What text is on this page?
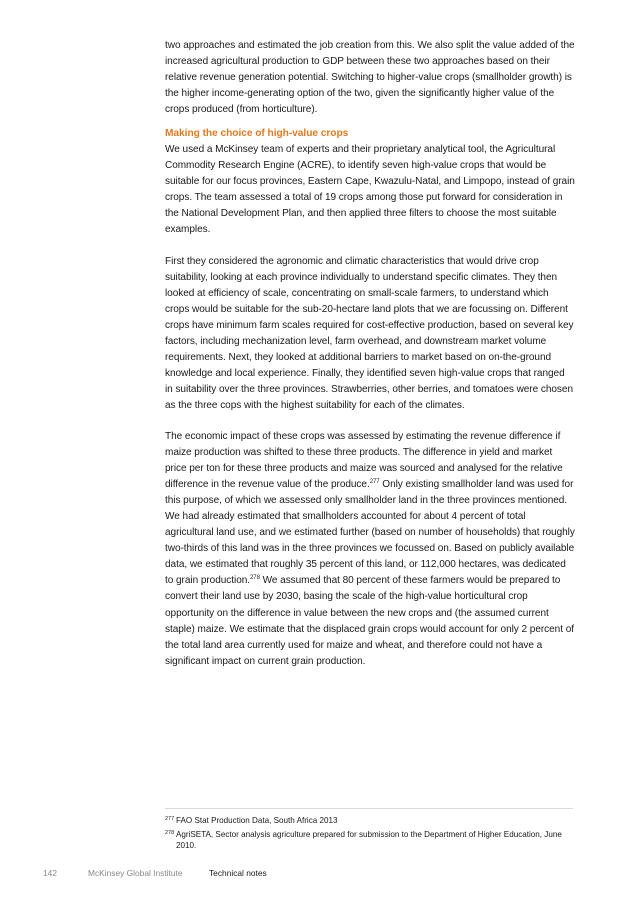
two approaches and estimated the job creation from this. We also split the value added of the increased agricultural production to GDP between these two approaches based on their relative revenue generation potential. Switching to higher-value crops (smallholder growth) is the higher income-generating option of the two, given the significantly higher value of the crops produced (from horticulture).

Making the choice of high-value crops

We used a McKinsey team of experts and their proprietary analytical tool, the Agricultural Commodity Research Engine (ACRE), to identify seven high-value crops that would be suitable for our focus provinces, Eastern Cape, Kwazulu-Natal, and Limpopo, instead of grain crops. The team assessed a total of 19 crops among those put forward for consideration in the National Development Plan, and then applied three filters to choose the most suitable examples.

First they considered the agronomic and climatic characteristics that would drive crop suitability, looking at each province individually to understand specific climates. They then looked at efficiency of scale, concentrating on small-scale farmers, to understand which crops would be suitable for the sub-20-hectare land plots that we are focussing on. Different crops have minimum farm scales required for cost-effective production, based on several key factors, including mechanization level, farm overhead, and downstream market volume requirements. Next, they looked at additional barriers to market based on on-the-ground knowledge and local experience. Finally, they identified seven high-value crops that ranged in suitability over the three provinces. Strawberries, other berries, and tomatoes were chosen as the three cops with the highest suitability for each of the climates.

The economic impact of these crops was assessed by estimating the revenue difference if maize production was shifted to these three products. The difference in yield and market price per ton for these three products and maize was sourced and analysed for the relative difference in the revenue value of the produce.$^{277}$ Only existing smallholder land was used for this purpose, of which we assessed only smallholder land in the three provinces mentioned. We had already estimated that smallholders accounted for about 4 percent of total agricultural land use, and we estimated further (based on number of households) that roughly two-thirds of this land was in the three provinces we focussed on. Based on publicly available data, we estimated that roughly 35 percent of this land, or 112,000 hectares, was dedicated to grain production.$^{278}$ We assumed that 80 percent of these farmers would be prepared to convert their land use by 2030, basing the scale of the high-value horticultural crop opportunity on the difference in value between the new crops and (the assumed current staple) maize. We estimate that the displaced grain crops would account for only 2 percent of the total land area currently used for maize and wheat, and therefore could not have a significant impact on current grain production.

277 FAO Stat Production Data, South Africa 2013
278 AgriSETA, Sector analysis agriculture prepared for submission to the Department of Higher Education, June 2010.
142	McKinsey Global Institute	Technical notes
